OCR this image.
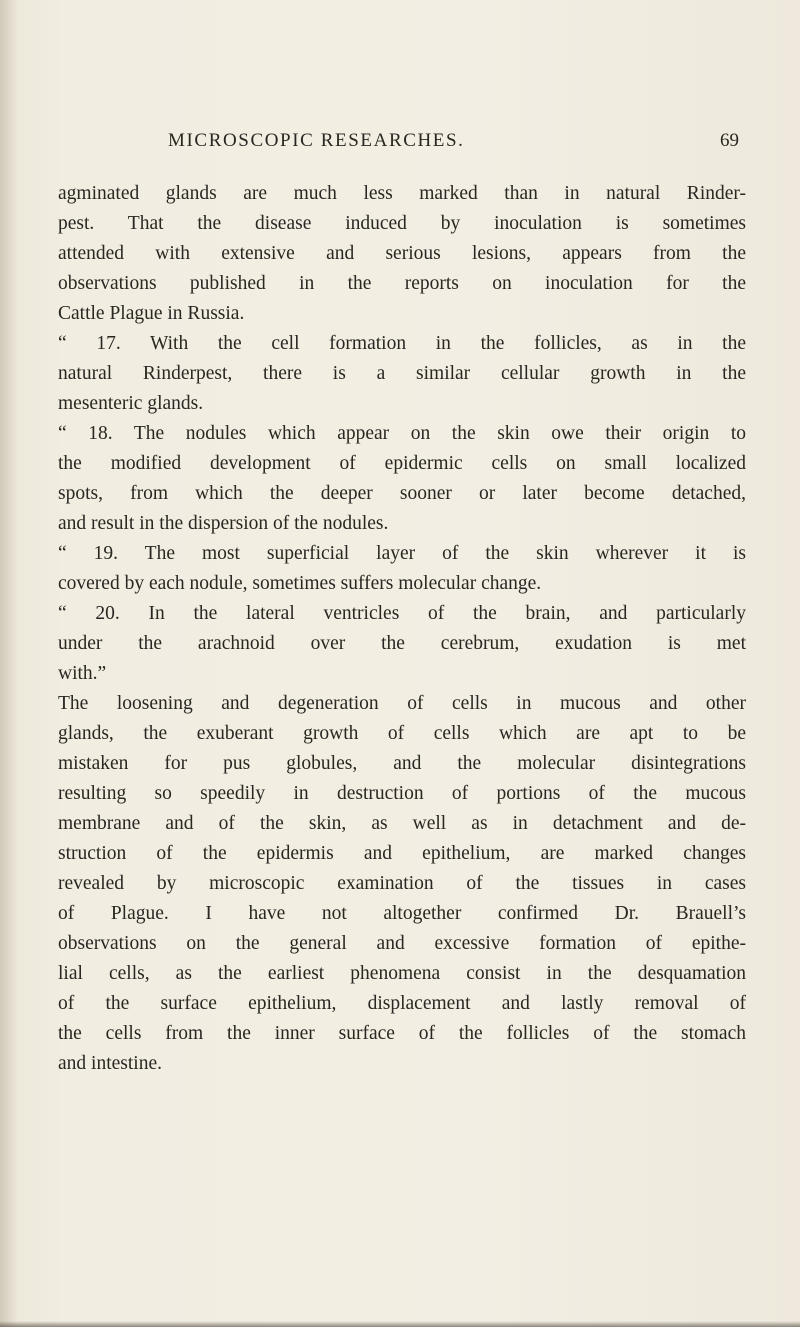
MICROSCOPIC RESEARCHES.	69
agminated glands are much less marked than in natural Rinder-
pest. That the disease induced by inoculation is sometimes
attended with extensive and serious lesions, appears from the
observations published in the reports on inoculation for the
Cattle Plague in Russia.
“ 17. With the cell formation in the follicles, as in the
natural Rinderpest, there is a similar cellular growth in the
mesenteric glands.
“ 18. The nodules which appear on the skin owe their origin to
the modified development of epidermic cells on small localized
spots, from which the deeper sooner or later become detached,
and result in the dispersion of the nodules.
“ 19. The most superficial layer of the skin wherever it is
covered by each nodule, sometimes suffers molecular change.
“ 20. In the lateral ventricles of the brain, and particularly
under the arachnoid over the cerebrum, exudation is met
with.”
The loosening and degeneration of cells in mucous and other
glands, the exuberant growth of cells which are apt to be
mistaken for pus globules, and the molecular disintegrations
resulting so speedily in destruction of portions of the mucous
membrane and of the skin, as well as in detachment and de-
struction of the epidermis and epithelium, are marked changes
revealed by microscopic examination of the tissues in cases
of Plague. I have not altogether confirmed Dr. Brauell’s
observations on the general and excessive formation of epithe-
lial cells, as the earliest phenomena consist in the desquamation
of the surface epithelium, displacement and lastly removal of
the cells from the inner surface of the follicles of the stomach
and intestine.
